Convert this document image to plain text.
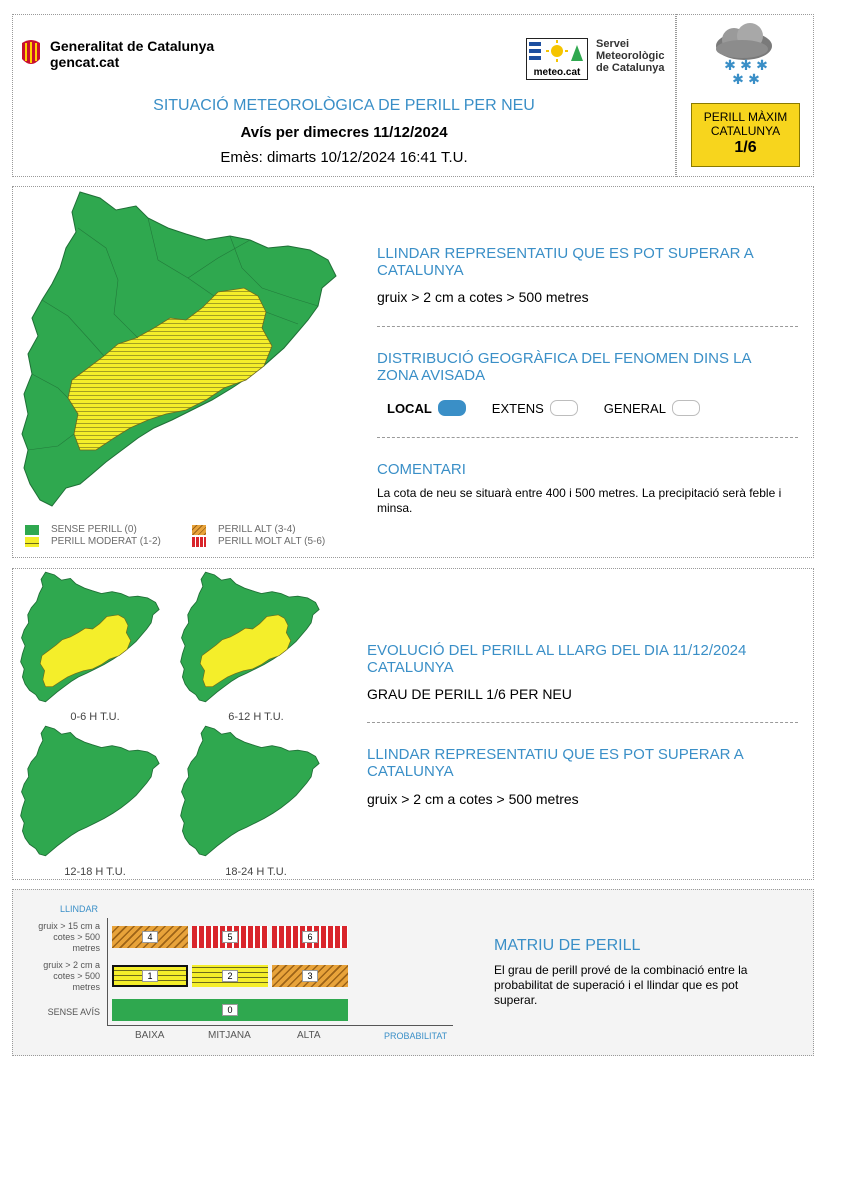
Generalitat de Catalunya
gencat.cat
meteo.cat
Servei
Meteorològic
de Catalunya
SITUACIÓ METEOROLÒGICA DE PERILL PER NEU
Avís per dimecres 11/12/2024
Emès: dimarts 10/12/2024 16:41 T.U.
✱ ✱ ✱
✱ ✱
PERILL MÀXIM
CATALUNYA
1/6
SENSE PERILL (0)
PERILL MODERAT (1-2)
PERILL ALT (3-4)
PERILL MOLT ALT (5-6)
LLINDAR REPRESENTATIU QUE ES POT SUPERAR A CATALUNYA
gruix > 2 cm a cotes > 500 metres
DISTRIBUCIÓ GEOGRÀFICA DEL FENOMEN DINS LA ZONA AVISADA
LOCAL	EXTENS	GENERAL
COMENTARI
La cota de neu se situarà entre 400 i 500 metres. La precipitació serà feble i minsa.
0-6 H T.U.	6-12 H T.U.
12-18 H T.U.	18-24 H T.U.
EVOLUCIÓ DEL PERILL AL LLARG DEL DIA 11/12/2024 CATALUNYA
GRAU DE PERILL 1/6 PER NEU
LLINDAR REPRESENTATIU QUE ES POT SUPERAR A CATALUNYA
gruix > 2 cm a cotes > 500 metres
LLINDAR
gruix > 15 cm a cotes > 500 metres
gruix > 2 cm a cotes > 500 metres
SENSE AVÍS
4	5	6
1	2	3
0
BAIXA	MITJANA	ALTA	PROBABILITAT
MATRIU DE PERILL
El grau de perill prové de la combinació entre la probabilitat de superació i el llindar que es pot superar.
